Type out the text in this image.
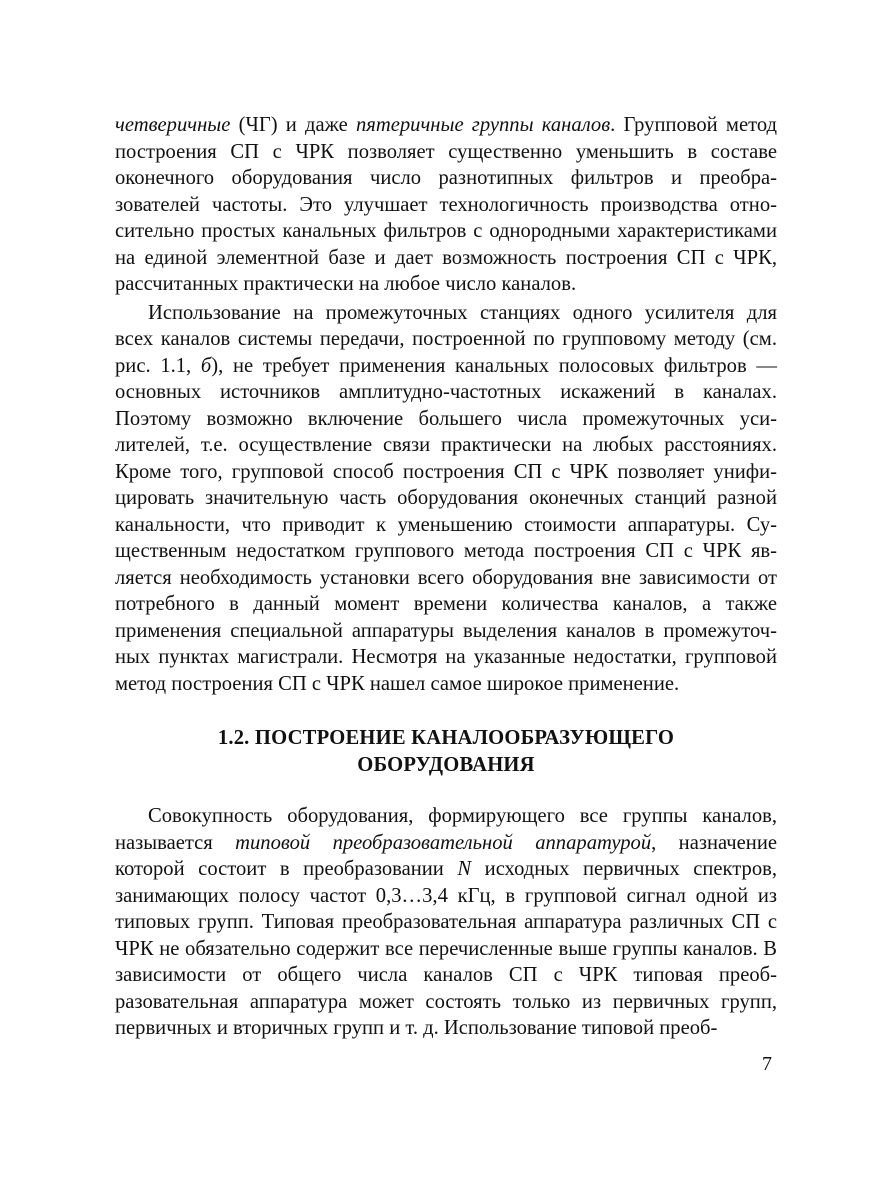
четверичные (ЧГ) и даже пятеричные группы каналов. Групповой метод построения СП с ЧРК позволяет существенно уменьшить в составе оконечного оборудования число разнотипных фильтров и преобразователей частоты. Это улучшает технологичность производства относительно простых канальных фильтров с однородными характеристиками на единой элементной базе и дает возможность построения СП с ЧРК, рассчитанных практически на любое число каналов.

Использование на промежуточных станциях одного усилителя для всех каналов системы передачи, построенной по групповому методу (см. рис. 1.1, б), не требует применения канальных полосовых фильтров — основных источников амплитудно-частотных искажений в каналах. Поэтому возможно включение большего числа промежуточных усилителей, т.е. осуществление связи практически на любых расстояниях. Кроме того, групповой способ построения СП с ЧРК позволяет унифицировать значительную часть оборудования оконечных станций разной канальности, что приводит к уменьшению стоимости аппаратуры. Существенным недостатком группового метода построения СП с ЧРК является необходимость установки всего оборудования вне зависимости от потребного в данный момент времени количества каналов, а также применения специальной аппаратуры выделения каналов в промежуточных пунктах магистрали. Несмотря на указанные недостатки, групповой метод построения СП с ЧРК нашел самое широкое применение.

1.2. ПОСТРОЕНИЕ КАНАЛООБРАЗУЮЩЕГО
ОБОРУДОВАНИЯ

Совокупность оборудования, формирующего все группы каналов, называется типовой преобразовательной аппаратурой, назначение которой состоит в преобразовании N исходных первичных спектров, занимающих полосу частот 0,3…3,4 кГц, в групповой сигнал одной из типовых групп. Типовая преобразовательная аппаратура различных СП с ЧРК не обязательно содержит все перечисленные выше группы каналов. В зависимости от общего числа каналов СП с ЧРК типовая преобразовательная аппаратура может состоять только из первичных групп, первичных и вторичных групп и т. д. Использование типовой преоб-

7
